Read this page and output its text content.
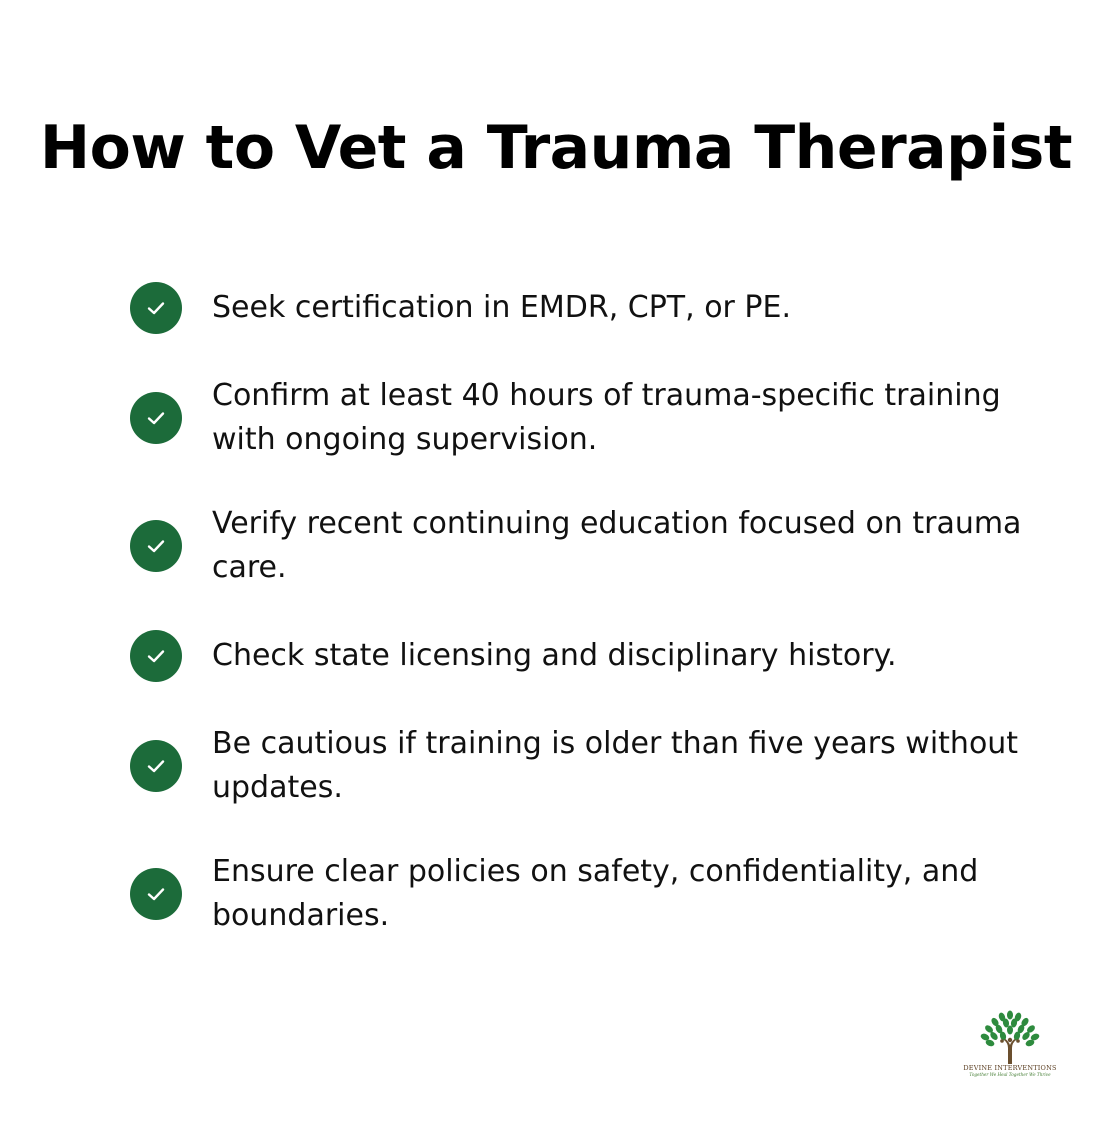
How to Vet a Trauma Therapist
Seek certification in EMDR, CPT, or PE.
Confirm at least 40 hours of trauma-specific training with ongoing supervision.
Verify recent continuing education focused on trauma care.
Check state licensing and disciplinary history.
Be cautious if training is older than five years without updates.
Ensure clear policies on safety, confidentiality, and boundaries.
DEVINE INTERVENTIONS
Together We Heal Together We Thrive
